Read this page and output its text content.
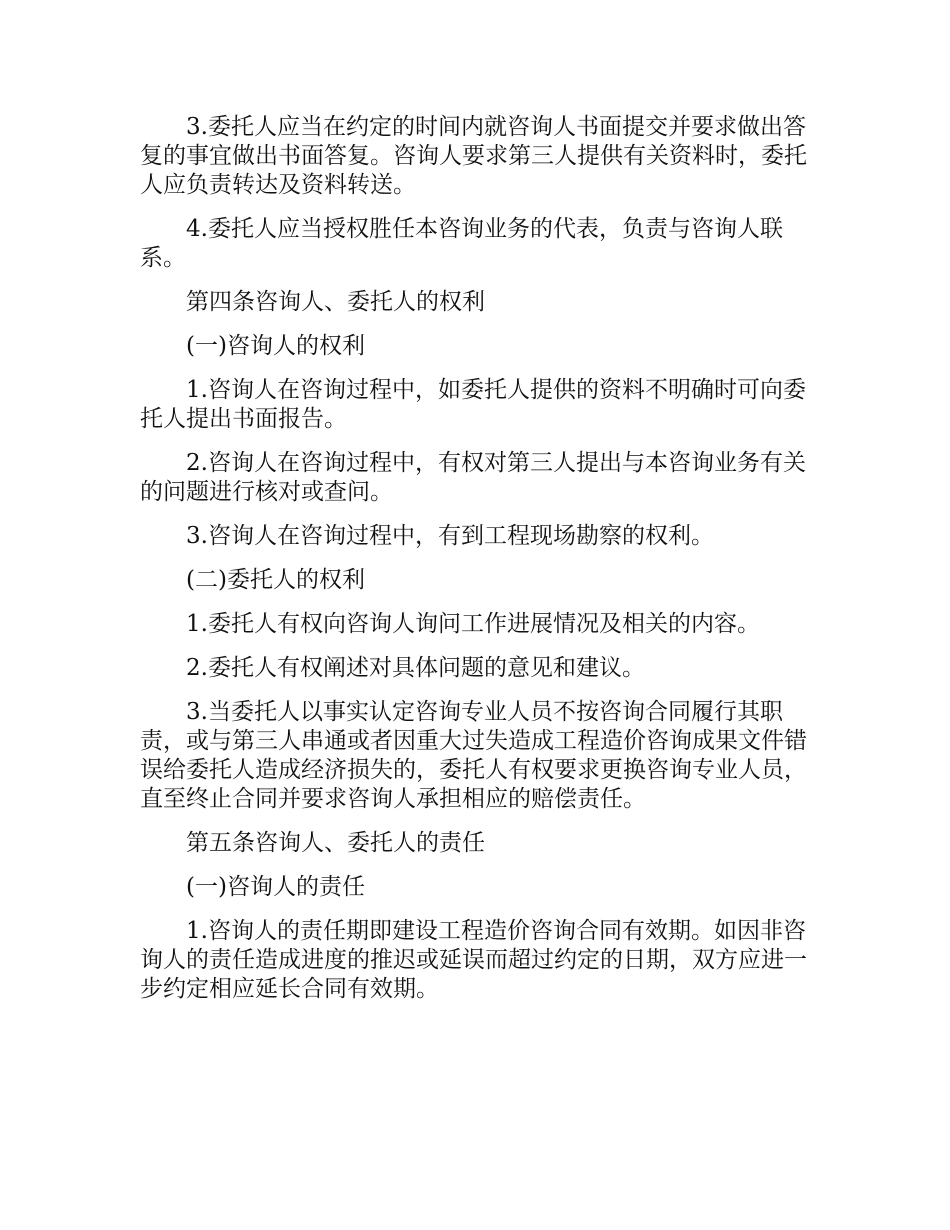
3.委托人应当在约定的时间内就咨询人书面提交并要求做出答复的事宜做出书面答复。咨询人要求第三人提供有关资料时，委托人应负责转达及资料转送。

4.委托人应当授权胜任本咨询业务的代表，负责与咨询人联系。

第四条咨询人、委托人的权利

(一)咨询人的权利

1.咨询人在咨询过程中，如委托人提供的资料不明确时可向委托人提出书面报告。

2.咨询人在咨询过程中，有权对第三人提出与本咨询业务有关的问题进行核对或查问。

3.咨询人在咨询过程中，有到工程现场勘察的权利。

(二)委托人的权利

1.委托人有权向咨询人询问工作进展情况及相关的内容。

2.委托人有权阐述对具体问题的意见和建议。

3.当委托人以事实认定咨询专业人员不按咨询合同履行其职责，或与第三人串通或者因重大过失造成工程造价咨询成果文件错误给委托人造成经济损失的，委托人有权要求更换咨询专业人员，直至终止合同并要求咨询人承担相应的赔偿责任。

第五条咨询人、委托人的责任

(一)咨询人的责任

1.咨询人的责任期即建设工程造价咨询合同有效期。如因非咨询人的责任造成进度的推迟或延误而超过约定的日期，双方应进一步约定相应延长合同有效期。
